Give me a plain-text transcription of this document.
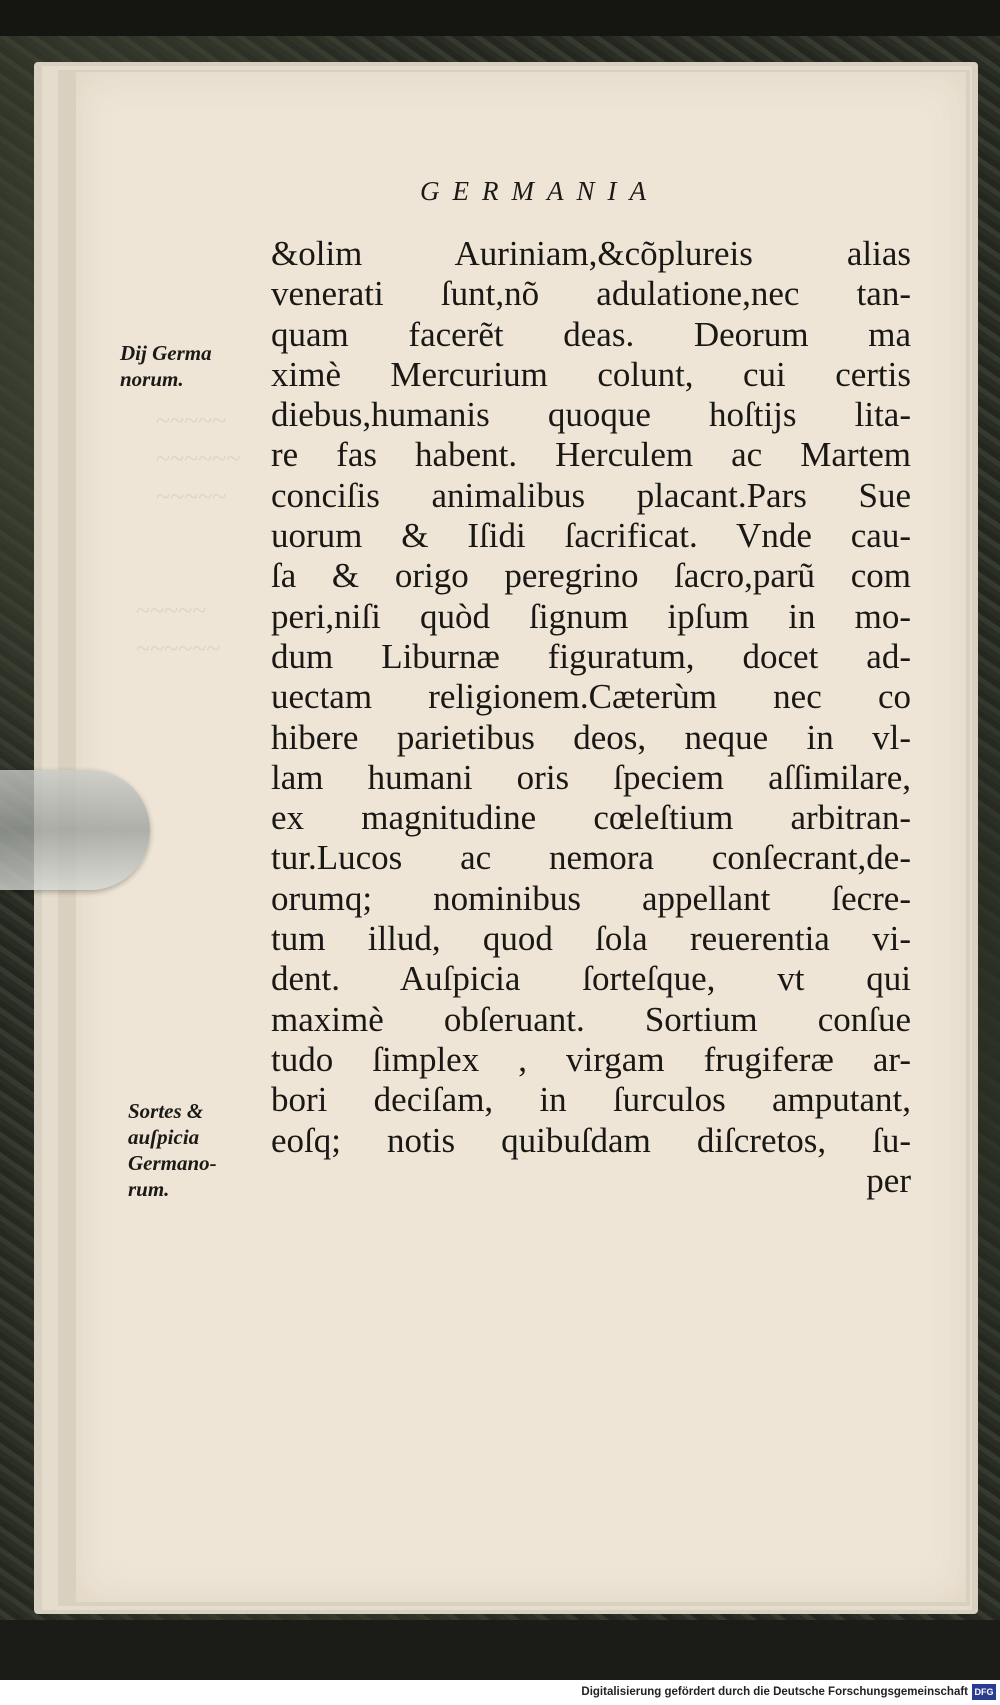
~~~~~
~~~~~~
~~~~~
~~~~~
~~~~~~
GERMANIA
&olim Auriniam,&cõplureis alias
venerati ſunt,nõ adulatione,nec tan-
quam facerẽt deas. Deorum ma
ximè Mercurium colunt, cui certis
diebus,humanis quoque hoſtijs lita-
re fas habent. Herculem ac Martem
conciſis animalibus placant.Pars Sue
uorum & Iſidi ſacrificat. Vnde cau-
ſa & origo peregrino ſacro,parũ com
peri,niſi quòd ſignum ipſum in mo-
dum Liburnæ figuratum, docet ad-
uectam religionem.Cæterùm nec co
hibere parietibus deos, neque in vl-
lam humani oris ſpeciem aſſimilare,
ex magnitudine cœleſtium arbitran-
tur.Lucos ac nemora conſecrant,de-
orumq; nominibus appellant ſecre-
tum illud, quod ſola reuerentia vi-
dent. Auſpicia ſorteſque, vt qui
maximè obſeruant. Sortium conſue
tudo ſimplex , virgam frugiferæ ar-
bori deciſam, in ſurculos amputant,
eoſq; notis quibuſdam diſcretos, ſu-
per
Dij Germa
norum.
Sortes &
auſpicia
Germano-
rum.
Digitalisierung gefördert durch die Deutsche Forschungsgemeinschaft DFG
